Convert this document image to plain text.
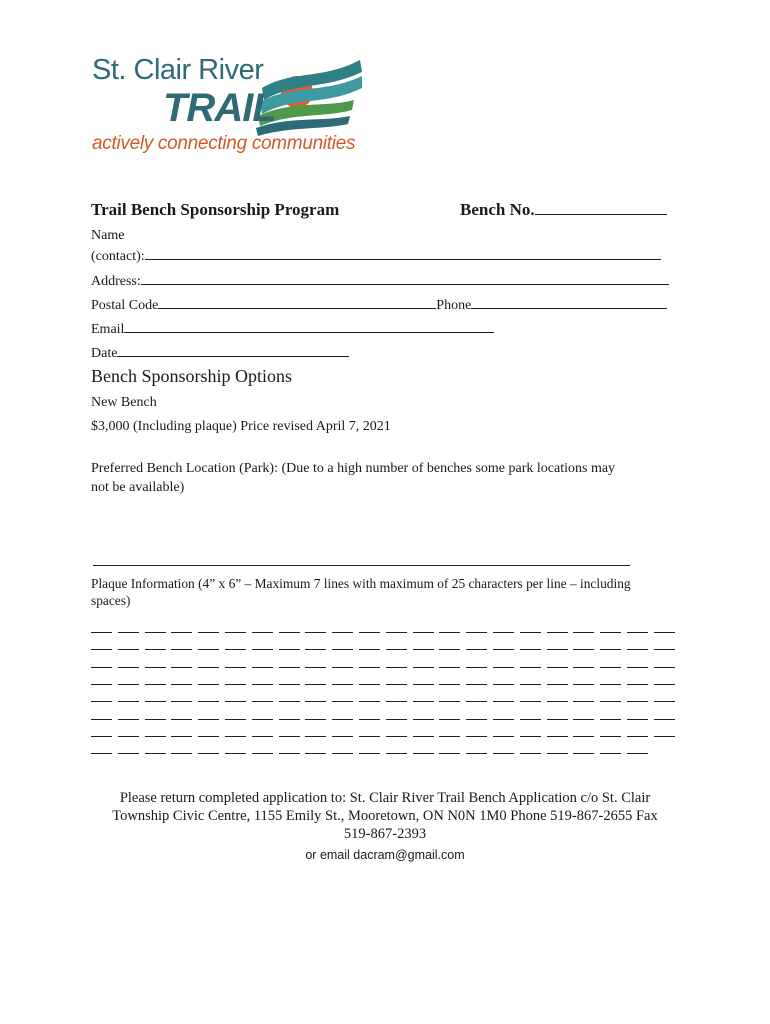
St. Clair River
TRAIL
actively connecting communities
Trail Bench Sponsorship Program	Bench No.
Name
(contact):
Address:
Postal Code	Phone
Email
Date
Bench Sponsorship Options
New Bench
$3,000 (Including plaque) Price revised April 7, 2021
Preferred Bench Location (Park): (Due to a high number of benches some park locations may
not be available)
Plaque Information (4” x 6” – Maximum 7 lines with maximum of 25 characters per line – including
spaces)
Please return completed application to: St. Clair River Trail Bench Application c/o St. Clair
Township Civic Centre, 1155 Emily St., Mooretown, ON N0N 1M0 Phone 519-867-2655 Fax
519-867-2393
or email dacram@gmail.com
